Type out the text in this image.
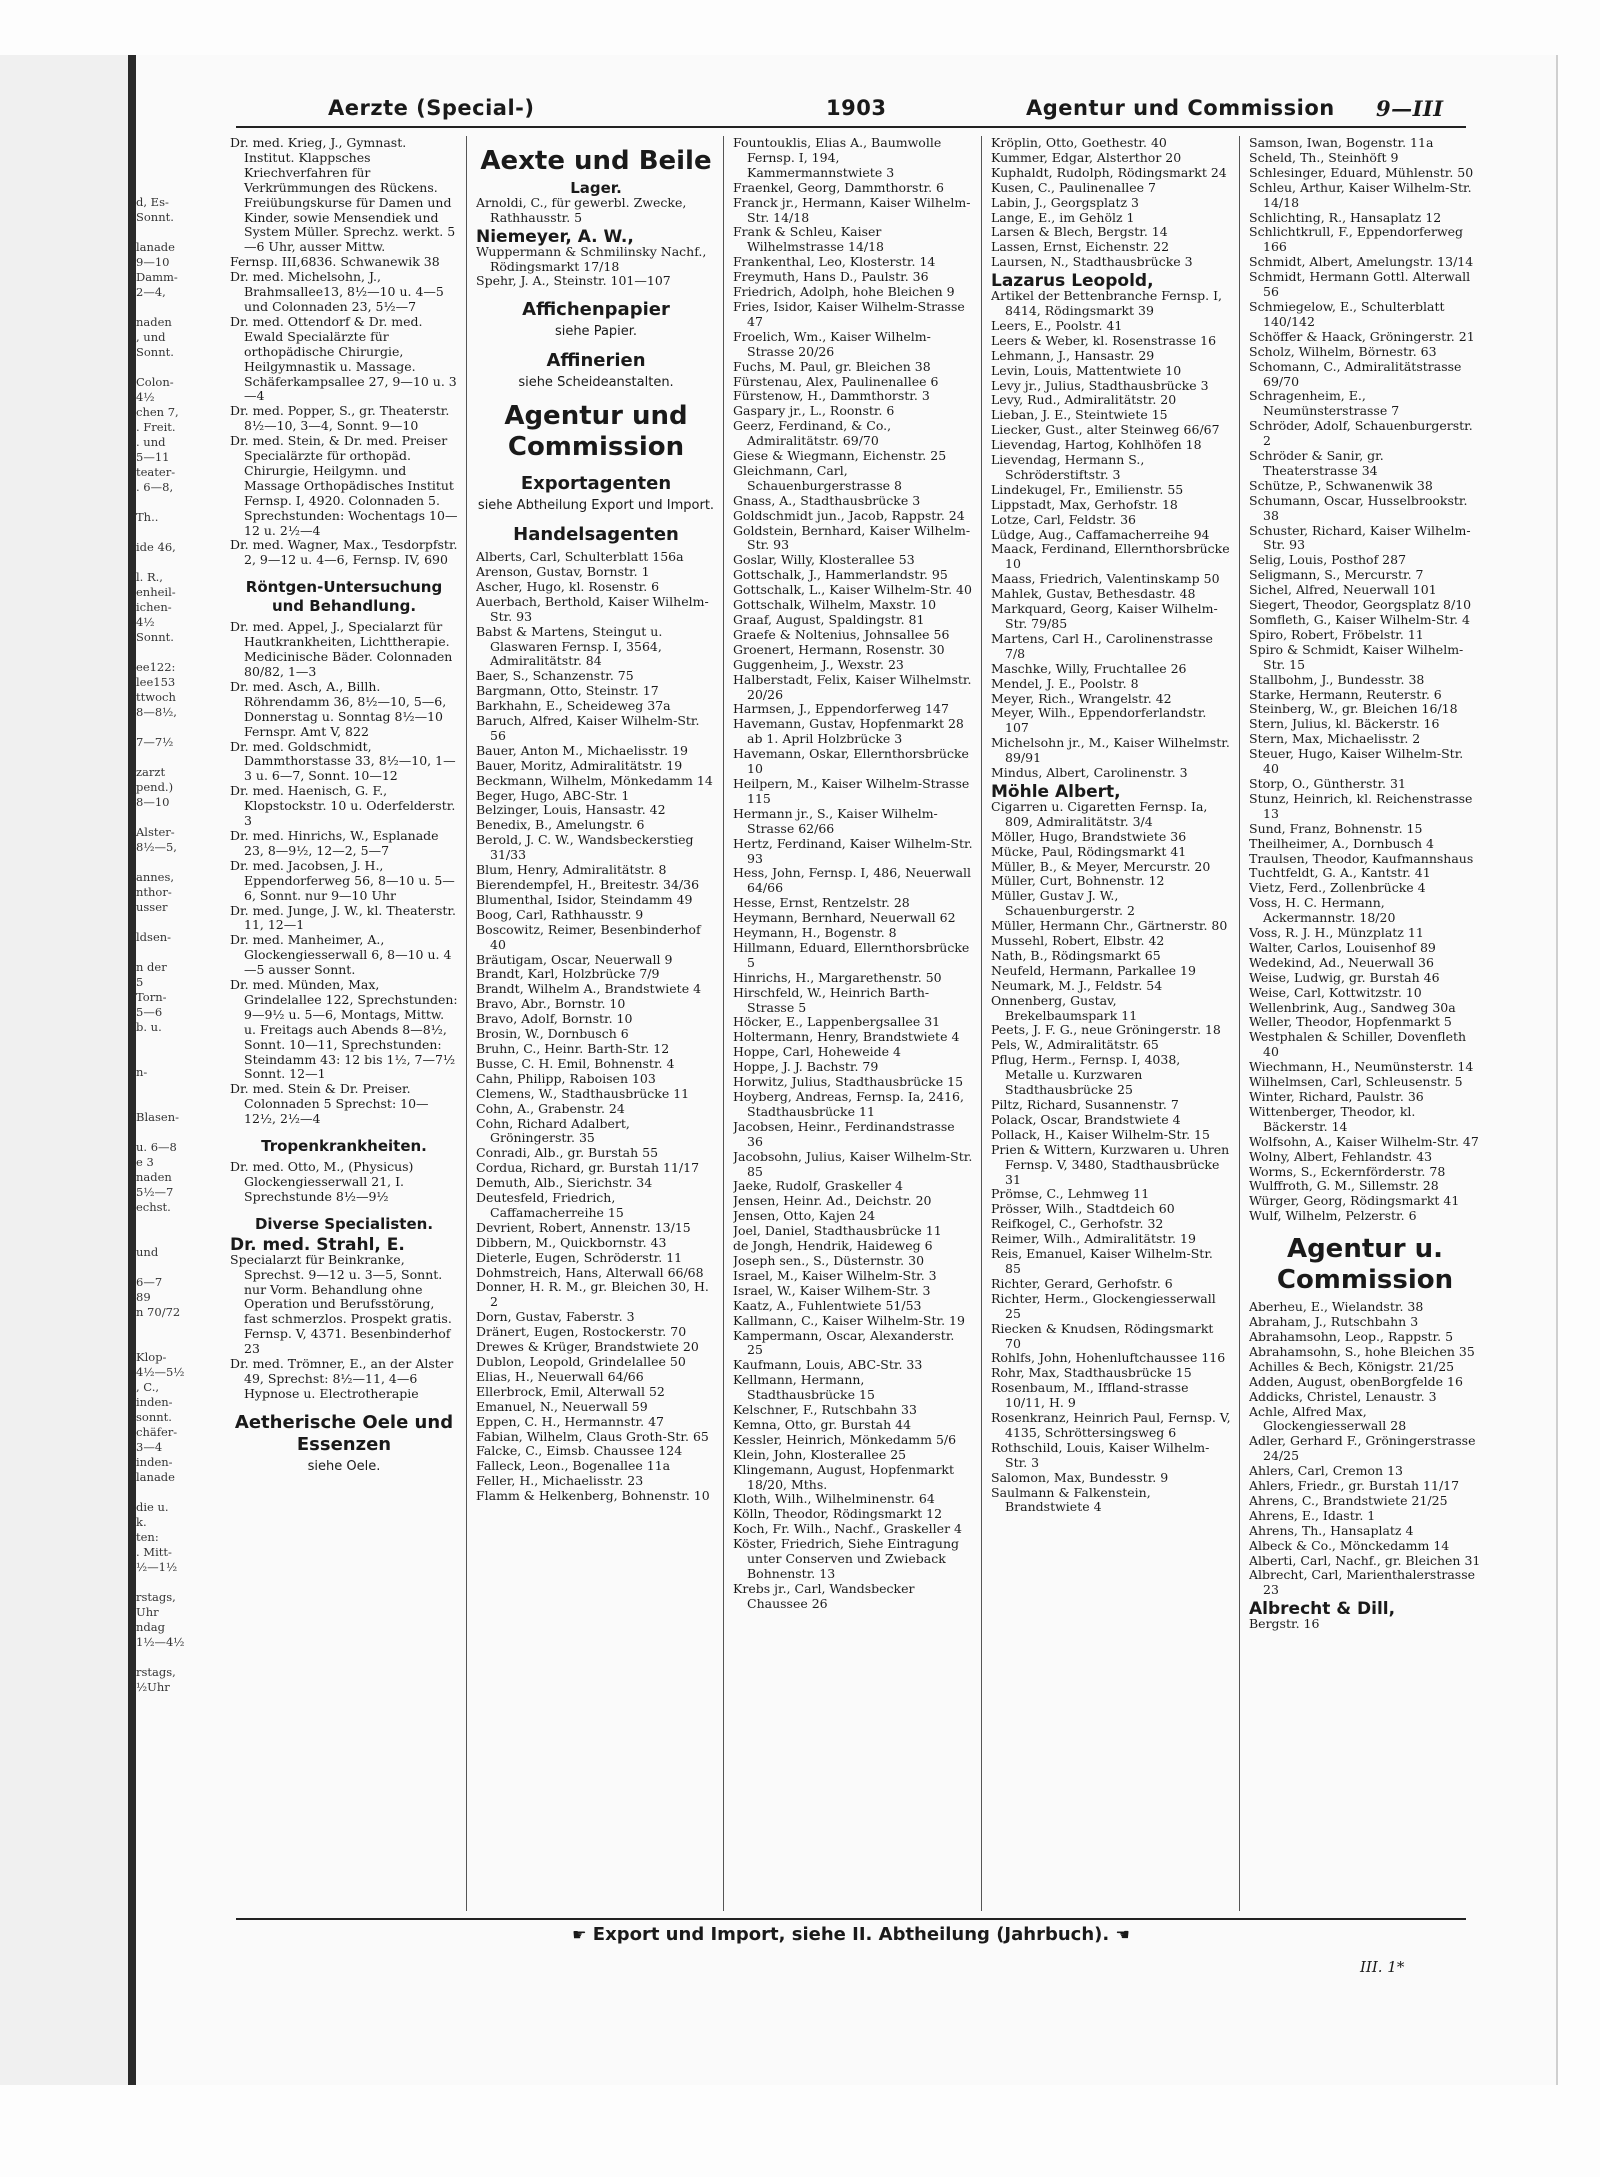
d, Es-
Sonnt.

lanade
9—10
Damm-
2—4,

naden
, und
Sonnt.

Colon-
4½
chen 7,
. Freit.
. und
5—11
teater-
. 6—8,

Th..

ide 46,

l. R.,
enheil-
ichen-
4½
Sonnt.

ee122:
lee153
ttwoch
8—8½,

7—7½

zarzt
pend.)
8—10

Alster-
8½—5,

annes,
nthor-
usser

ldsen-

n der
5
Torn-
5—6
b. u.

n-

Blasen-

u. 6—8
e 3
naden
5½—7
echst.

und

6—7
89
n 70/72

Klop-
4½—5½
, C.,
inden-
sonnt.
chäfer-
3—4
inden-
lanade

die u.
k.
ten:
. Mitt-
½—1½

rstags,
Uhr
ndag
1½—4½

rstags,
½Uhr
Aerzte (Special-)	1903	Agentur und Commission 9—III
Dr. med. Krieg, J., Gymnast. Institut. Klappsches Kriechverfahren für Verkrümmungen des Rückens. Freiübungskurse für Damen und Kinder, sowie Mensendiek und System Müller. Sprechz. werkt. 5—6 Uhr, ausser Mittw.
Fernsp. III,6836. Schwanewik 38
Dr. med. Michelsohn, J., Brahmsallee13, 8½—10 u. 4—5 und Colonnaden 23, 5½—7
Dr. med. Ottendorf & Dr. med. Ewald Specialärzte für orthopädische Chirurgie, Heilgymnastik u. Massage. Schäferkampsallee 27, 9—10 u. 3—4
Dr. med. Popper, S., gr. Theaterstr. 8½—10, 3—4, Sonnt. 9—10
Dr. med. Stein, & Dr. med. Preiser Specialärzte für orthopäd. Chirurgie, Heilgymn. und Massage Orthopädisches Institut Fernsp. I, 4920. Colonnaden 5. Sprechstunden: Wochentags 10—12 u. 2½—4
Dr. med. Wagner, Max., Tesdorpfstr. 2, 9—12 u. 4—6, Fernsp. IV, 690
Röntgen-Untersuchung und Behandlung.
Dr. med. Appel, J., Specialarzt für Hautkrankheiten, Lichttherapie. Medicinische Bäder. Colonnaden 80/82, 1—3
Dr. med. Asch, A., Billh. Röhrendamm 36, 8½—10, 5—6, Donnerstag u. Sonntag 8½—10 Fernspr. Amt V, 822
Dr. med. Goldschmidt, Dammthorstasse 33, 8½—10, 1—3 u. 6—7, Sonnt. 10—12
Dr. med. Haenisch, G. F., Klopstockstr. 10 u. Oderfelderstr. 3
Dr. med. Hinrichs, W., Esplanade 23, 8—9½, 12—2, 5—7
Dr. med. Jacobsen, J. H., Eppendorferweg 56, 8—10 u. 5—6, Sonnt. nur 9—10 Uhr
Dr. med. Junge, J. W., kl. Theaterstr. 11, 12—1
Dr. med. Manheimer, A., Glockengiesserwall 6, 8—10 u. 4—5 ausser Sonnt.
Dr. med. Münden, Max, Grindelallee 122, Sprechstunden: 9—9½ u. 5—6, Montags, Mittw. u. Freitags auch Abends 8—8½, Sonnt. 10—11, Sprechstunden: Steindamm 43: 12 bis 1½, 7—7½ Sonnt. 12—1
Dr. med. Stein & Dr. Preiser. Colonnaden 5 Sprechst: 10—12½, 2½—4
Tropenkrankheiten.
Dr. med. Otto, M., (Physicus) Glockengiesserwall 21, I. Sprechstunde 8½—9½
Diverse Specialisten.
Dr. med. Strahl, E.
Specialarzt für Beinkranke, Sprechst. 9—12 u. 3—5, Sonnt. nur Vorm. Behandlung ohne Operation und Berufsstörung, fast schmerzlos. Prospekt gratis. Fernsp. V, 4371. Besenbinderhof 23
Dr. med. Trömner, E., an der Alster 49, Sprechst: 8½—11, 4—6 Hypnose u. Electrotherapie
Aetherische Oele und Essenzen
siehe Oele.
Aexte und Beile
Lager.
Arnoldi, C., für gewerbl. Zwecke, Rathhausstr. 5
Niemeyer, A. W.,
Wuppermann & Schmilinsky Nachf., Rödingsmarkt 17/18
Spehr, J. A., Steinstr. 101—107
Affichenpapier
siehe Papier.
Affinerien
siehe Scheideanstalten.
Agentur und Commission
Exportagenten
siehe Abtheilung Export und Import.
Handelsagenten
Alberts, Carl, Schulterblatt 156a
Arenson, Gustav, Bornstr. 1
Ascher, Hugo, kl. Rosenstr. 6
Auerbach, Berthold, Kaiser Wilhelm-Str. 93
Babst & Martens, Steingut u. Glaswaren Fernsp. I, 3564, Admiralitätstr. 84
Baer, S., Schanzenstr. 75
Bargmann, Otto, Steinstr. 17
Barkhahn, E., Scheideweg 37a
Baruch, Alfred, Kaiser Wilhelm-Str. 56
Bauer, Anton M., Michaelisstr. 19
Bauer, Moritz, Admiralitätstr. 19
Beckmann, Wilhelm, Mönkedamm 14
Beger, Hugo, ABC-Str. 1
Belzinger, Louis, Hansastr. 42
Benedix, B., Amelungstr. 6
Berold, J. C. W., Wandsbeckerstieg 31/33
Blum, Henry, Admiralitätstr. 8
Bierendempfel, H., Breitestr. 34/36
Blumenthal, Isidor, Steindamm 49
Boog, Carl, Rathhausstr. 9
Boscowitz, Reimer, Besenbinderhof 40
Bräutigam, Oscar, Neuerwall 9
Brandt, Karl, Holzbrücke 7/9
Brandt, Wilhelm A., Brandstwiete 4
Bravo, Abr., Bornstr. 10
Bravo, Adolf, Bornstr. 10
Brosin, W., Dornbusch 6
Bruhn, C., Heinr. Barth-Str. 12
Busse, C. H. Emil, Bohnenstr. 4
Cahn, Philipp, Raboisen 103
Clemens, W., Stadthausbrücke 11
Cohn, A., Grabenstr. 24
Cohn, Richard Adalbert, Gröningerstr. 35
Conradi, Alb., gr. Burstah 55
Cordua, Richard, gr. Burstah 11/17
Demuth, Alb., Sierichstr. 34
Deutesfeld, Friedrich, Caffamacherreihe 15
Devrient, Robert, Annenstr. 13/15
Dibbern, M., Quickbornstr. 43
Dieterle, Eugen, Schröderstr. 11
Dohmstreich, Hans, Alterwall 66/68
Donner, H. R. M., gr. Bleichen 30, H. 2
Dorn, Gustav, Faberstr. 3
Dränert, Eugen, Rostockerstr. 70
Drewes & Krüger, Brandstwiete 20
Dublon, Leopold, Grindelallee 50
Elias, H., Neuerwall 64/66
Ellerbrock, Emil, Alterwall 52
Emanuel, N., Neuerwall 59
Eppen, C. H., Hermannstr. 47
Fabian, Wilhelm, Claus Groth-Str. 65
Falcke, C., Eimsb. Chaussee 124
Falleck, Leon., Bogenallee 11a
Feller, H., Michaelisstr. 23
Flamm & Helkenberg, Bohnenstr. 10
Fountouklis, Elias A., Baumwolle Fernsp. I, 194, Kammermannstwiete 3
Fraenkel, Georg, Dammthorstr. 6
Franck jr., Hermann, Kaiser Wilhelm-Str. 14/18
Frank & Schleu, Kaiser Wilhelmstrasse 14/18
Frankenthal, Leo, Klosterstr. 14
Freymuth, Hans D., Paulstr. 36
Friedrich, Adolph, hohe Bleichen 9
Fries, Isidor, Kaiser Wilhelm-Strasse 47
Froelich, Wm., Kaiser Wilhelm-Strasse 20/26
Fuchs, M. Paul, gr. Bleichen 38
Fürstenau, Alex, Paulinenallee 6
Fürstenow, H., Dammthorstr. 3
Gaspary jr., L., Roonstr. 6
Geerz, Ferdinand, & Co., Admiralitätstr. 69/70
Giese & Wiegmann, Eichenstr. 25
Gleichmann, Carl, Schauenburgerstrasse 8
Gnass, A., Stadthausbrücke 3
Goldschmidt jun., Jacob, Rappstr. 24
Goldstein, Bernhard, Kaiser Wilhelm-Str. 93
Goslar, Willy, Klosterallee 53
Gottschalk, J., Hammerlandstr. 95
Gottschalk, L., Kaiser Wilhelm-Str. 40
Gottschalk, Wilhelm, Maxstr. 10
Graaf, August, Spaldingstr. 81
Graefe & Noltenius, Johnsallee 56
Groenert, Hermann, Rosenstr. 30
Guggenheim, J., Wexstr. 23
Halberstadt, Felix, Kaiser Wilhelmstr. 20/26
Harmsen, J., Eppendorferweg 147
Havemann, Gustav, Hopfenmarkt 28 ab 1. April Holzbrücke 3
Havemann, Oskar, Ellernthorsbrücke 10
Heilpern, M., Kaiser Wilhelm-Strasse 115
Hermann jr., S., Kaiser Wilhelm-Strasse 62/66
Hertz, Ferdinand, Kaiser Wilhelm-Str. 93
Hess, John, Fernsp. I, 486, Neuerwall 64/66
Hesse, Ernst, Rentzelstr. 28
Heymann, Bernhard, Neuerwall 62
Heymann, H., Bogenstr. 8
Hillmann, Eduard, Ellernthorsbrücke 5
Hinrichs, H., Margarethenstr. 50
Hirschfeld, W., Heinrich Barth-Strasse 5
Höcker, E., Lappenbergsallee 31
Holtermann, Henry, Brandstwiete 4
Hoppe, Carl, Hoheweide 4
Hoppe, J. J. Bachstr. 79
Horwitz, Julius, Stadthausbrücke 15
Hoyberg, Andreas, Fernsp. Ia, 2416, Stadthausbrücke 11
Jacobsen, Heinr., Ferdinandstrasse 36
Jacobsohn, Julius, Kaiser Wilhelm-Str. 85
Jaeke, Rudolf, Graskeller 4
Jensen, Heinr. Ad., Deichstr. 20
Jensen, Otto, Kajen 24
Joel, Daniel, Stadthausbrücke 11
de Jongh, Hendrik, Haideweg 6
Joseph sen., S., Düsternstr. 30
Israel, M., Kaiser Wilhelm-Str. 3
Israel, W., Kaiser Wilhem-Str. 3
Kaatz, A., Fuhlentwiete 51/53
Kallmann, C., Kaiser Wilhelm-Str. 19
Kampermann, Oscar, Alexanderstr. 25
Kaufmann, Louis, ABC-Str. 33
Kellmann, Hermann, Stadthausbrücke 15
Kelschner, F., Rutschbahn 33
Kemna, Otto, gr. Burstah 44
Kessler, Heinrich, Mönkedamm 5/6
Klein, John, Klosterallee 25
Klingemann, August, Hopfenmarkt 18/20, Mths.
Kloth, Wilh., Wilhelminenstr. 64
Kölln, Theodor, Rödingsmarkt 12
Koch, Fr. Wilh., Nachf., Graskeller 4
Köster, Friedrich, Siehe Eintragung unter Conserven und Zwieback Bohnenstr. 13
Krebs jr., Carl, Wandsbecker Chaussee 26
Kröplin, Otto, Goethestr. 40
Kummer, Edgar, Alsterthor 20
Kuphaldt, Rudolph, Rödingsmarkt 24
Kusen, C., Paulinenallee 7
Labin, J., Georgsplatz 3
Lange, E., im Gehölz 1
Larsen & Blech, Bergstr. 14
Lassen, Ernst, Eichenstr. 22
Laursen, N., Stadthausbrücke 3
Lazarus Leopold,
Artikel der Bettenbranche Fernsp. I, 8414, Rödingsmarkt 39
Leers, E., Poolstr. 41
Leers & Weber, kl. Rosenstrasse 16
Lehmann, J., Hansastr. 29
Levin, Louis, Mattentwiete 10
Levy jr., Julius, Stadthausbrücke 3
Levy, Rud., Admiralitätstr. 20
Lieban, J. E., Steintwiete 15
Liecker, Gust., alter Steinweg 66/67
Lievendag, Hartog, Kohlhöfen 18
Lievendag, Hermann S., Schröderstiftstr. 3
Lindekugel, Fr., Emilienstr. 55
Lippstadt, Max, Gerhofstr. 18
Lotze, Carl, Feldstr. 36
Lüdge, Aug., Caffamacherreihe 94
Maack, Ferdinand, Ellernthorsbrücke 10
Maass, Friedrich, Valentinskamp 50
Mahlek, Gustav, Bethesdastr. 48
Markquard, Georg, Kaiser Wilhelm-Str. 79/85
Martens, Carl H., Carolinenstrasse 7/8
Maschke, Willy, Fruchtallee 26
Mendel, J. E., Poolstr. 8
Meyer, Rich., Wrangelstr. 42
Meyer, Wilh., Eppendorferlandstr. 107
Michelsohn jr., M., Kaiser Wilhelmstr. 89/91
Mindus, Albert, Carolinenstr. 3
Möhle Albert,
Cigarren u. Cigaretten Fernsp. Ia, 809, Admiralitätstr. 3/4
Möller, Hugo, Brandstwiete 36
Mücke, Paul, Rödingsmarkt 41
Müller, B., & Meyer, Mercurstr. 20
Müller, Curt, Bohnenstr. 12
Müller, Gustav J. W., Schauenburgerstr. 2
Müller, Hermann Chr., Gärtnerstr. 80
Mussehl, Robert, Elbstr. 42
Nath, B., Rödingsmarkt 65
Neufeld, Hermann, Parkallee 19
Neumark, M. J., Feldstr. 54
Onnenberg, Gustav, Brekelbaumspark 11
Peets, J. F. G., neue Gröningerstr. 18
Pels, W., Admiralitätstr. 65
Pflug, Herm., Fernsp. I, 4038, Metalle u. Kurzwaren Stadthausbrücke 25
Piltz, Richard, Susannenstr. 7
Polack, Oscar, Brandstwiete 4
Pollack, H., Kaiser Wilhelm-Str. 15
Prien & Wittern, Kurzwaren u. Uhren Fernsp. V, 3480, Stadthausbrücke 31
Prömse, C., Lehmweg 11
Prösser, Wilh., Stadtdeich 60
Reifkogel, C., Gerhofstr. 32
Reimer, Wilh., Admiralitätstr. 19
Reis, Emanuel, Kaiser Wilhelm-Str. 85
Richter, Gerard, Gerhofstr. 6
Richter, Herm., Glockengiesserwall 25
Riecken & Knudsen, Rödingsmarkt 70
Rohlfs, John, Hohenluftchaussee 116
Rohr, Max, Stadthausbrücke 15
Rosenbaum, M., Iffland-strasse 10/11, H. 9
Rosenkranz, Heinrich Paul, Fernsp. V, 4135, Schröttersingsweg 6
Rothschild, Louis, Kaiser Wilhelm-Str. 3
Salomon, Max, Bundesstr. 9
Saulmann & Falkenstein, Brandstwiete 4
Samson, Iwan, Bogenstr. 11a
Scheld, Th., Steinhöft 9
Schlesinger, Eduard, Mühlenstr. 50
Schleu, Arthur, Kaiser Wilhelm-Str. 14/18
Schlichting, R., Hansaplatz 12
Schlichtkrull, F., Eppendorferweg 166
Schmidt, Albert, Amelungstr. 13/14
Schmidt, Hermann Gottl. Alterwall 56
Schmiegelow, E., Schulterblatt 140/142
Schöffer & Haack, Gröningerstr. 21
Scholz, Wilhelm, Börnestr. 63
Schomann, C., Admiralitätstrasse 69/70
Schragenheim, E., Neumünsterstrasse 7
Schröder, Adolf, Schauenburgerstr. 2
Schröder & Sanir, gr. Theaterstrasse 34
Schütze, P., Schwanenwik 38
Schumann, Oscar, Husselbrookstr. 38
Schuster, Richard, Kaiser Wilhelm-Str. 93
Selig, Louis, Posthof 287
Seligmann, S., Mercurstr. 7
Sichel, Alfred, Neuerwall 101
Siegert, Theodor, Georgsplatz 8/10
Somfleth, G., Kaiser Wilhelm-Str. 4
Spiro, Robert, Fröbelstr. 11
Spiro & Schmidt, Kaiser Wilhelm-Str. 15
Stallbohm, J., Bundesstr. 38
Starke, Hermann, Reuterstr. 6
Steinberg, W., gr. Bleichen 16/18
Stern, Julius, kl. Bäckerstr. 16
Stern, Max, Michaelisstr. 2
Steuer, Hugo, Kaiser Wilhelm-Str. 40
Storp, O., Güntherstr. 31
Stunz, Heinrich, kl. Reichenstrasse 13
Sund, Franz, Bohnenstr. 15
Theilheimer, A., Dornbusch 4
Traulsen, Theodor, Kaufmannshaus
Tuchtfeldt, G. A., Kantstr. 41
Vietz, Ferd., Zollenbrücke 4
Voss, H. C. Hermann, Ackermannstr. 18/20
Voss, R. J. H., Münzplatz 11
Walter, Carlos, Louisenhof 89
Wedekind, Ad., Neuerwall 36
Weise, Ludwig, gr. Burstah 46
Weise, Carl, Kottwitzstr. 10
Wellenbrink, Aug., Sandweg 30a
Weller, Theodor, Hopfenmarkt 5
Westphalen & Schiller, Dovenfleth 40
Wiechmann, H., Neumünsterstr. 14
Wilhelmsen, Carl, Schleusenstr. 5
Winter, Richard, Paulstr. 36
Wittenberger, Theodor, kl. Bäckerstr. 14
Wolfsohn, A., Kaiser Wilhelm-Str. 47
Wolny, Albert, Fehlandstr. 43
Worms, S., Eckernförderstr. 78
Wulffroth, G. M., Sillemstr. 28
Würger, Georg, Rödingsmarkt 41
Wulf, Wilhelm, Pelzerstr. 6
Agentur u. Commission
Aberheu, E., Wielandstr. 38
Abraham, J., Rutschbahn 3
Abrahamsohn, Leop., Rappstr. 5
Abrahamsohn, S., hohe Bleichen 35
Achilles & Bech, Königstr. 21/25
Adden, August, obenBorgfelde 16
Addicks, Christel, Lenaustr. 3
Achle, Alfred Max, Glockengiesserwall 28
Adler, Gerhard F., Gröningerstrasse 24/25
Ahlers, Carl, Cremon 13
Ahlers, Friedr., gr. Burstah 11/17
Ahrens, C., Brandstwiete 21/25
Ahrens, E., Idastr. 1
Ahrens, Th., Hansaplatz 4
Albeck & Co., Mönckedamm 14
Alberti, Carl, Nachf., gr. Bleichen 31
Albrecht, Carl, Marienthalerstrasse 23
Albrecht & Dill,
Bergstr. 16
☛ Export und Import, siehe II. Abtheilung (Jahrbuch). ☚
III. 1*
